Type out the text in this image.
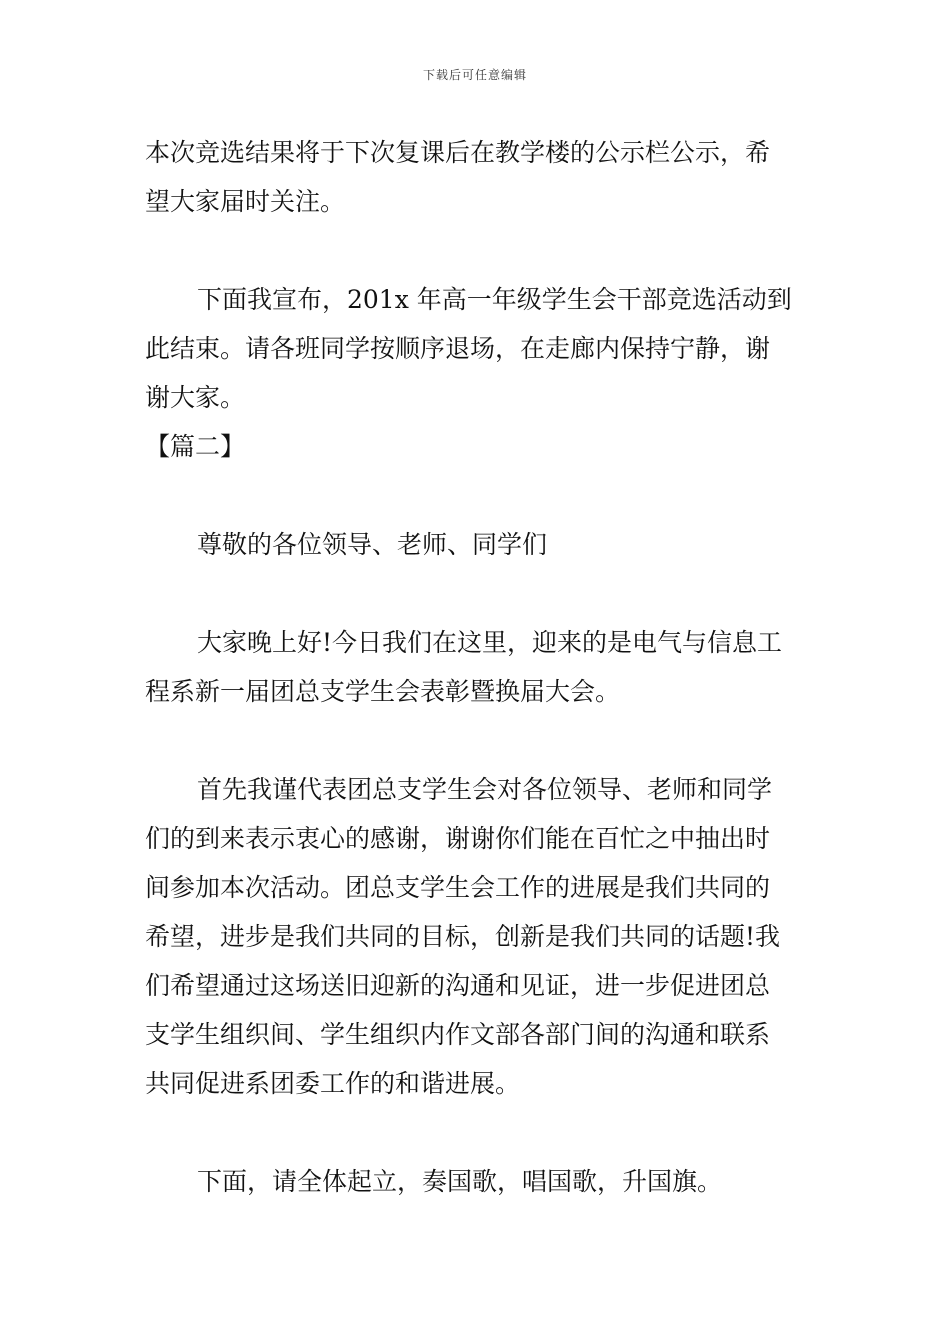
下载后可任意编辑
本次竞选结果将于下次复课后在教学楼的公示栏公示，希
望大家届时关注。
下面我宣布，201x 年高一年级学生会干部竞选活动到
此结束。请各班同学按顺序退场，在走廊内保持宁静，谢
谢大家。
【篇二】
尊敬的各位领导、老师、同学们
大家晚上好!今日我们在这里，迎来的是电气与信息工
程系新一届团总支学生会表彰暨换届大会。
首先我谨代表团总支学生会对各位领导、老师和同学
们的到来表示衷心的感谢，谢谢你们能在百忙之中抽出时
间参加本次活动。团总支学生会工作的进展是我们共同的
希望，进步是我们共同的目标，创新是我们共同的话题!我
们希望通过这场送旧迎新的沟通和见证，进一步促进团总
支学生组织间、学生组织内作文部各部门间的沟通和联系
共同促进系团委工作的和谐进展。
下面，请全体起立，奏国歌，唱国歌，升国旗。
